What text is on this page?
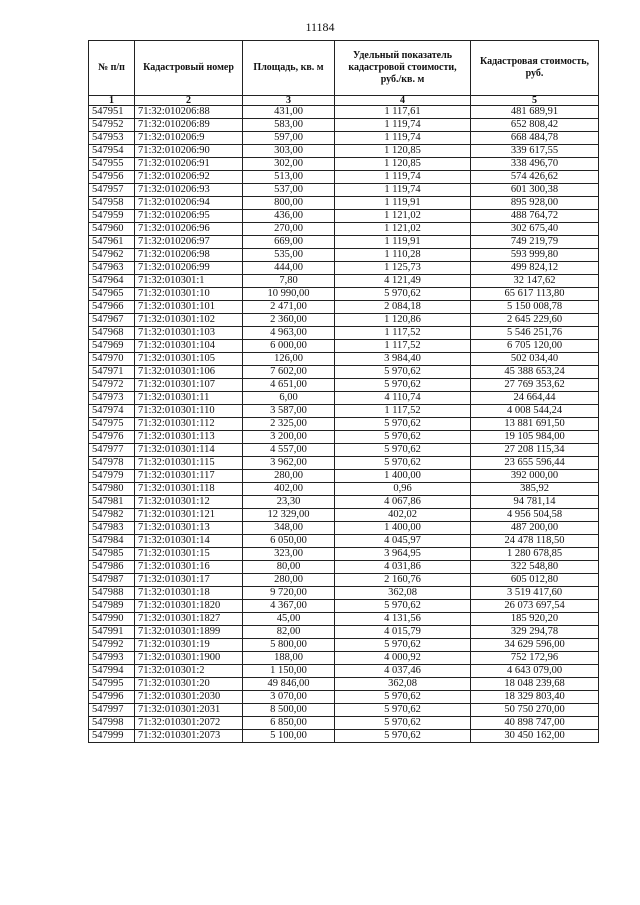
11184
№ п/п	Кадастровый номер	Площадь, кв. м	Удельный показатель кадастровой стоимости, руб./кв. м	Кадастровая стоимость, руб.
1	2	3	4	5
547951	71:32:010206:88	431,00	1 117,61	481 689,91
547952	71:32:010206:89	583,00	1 119,74	652 808,42
547953	71:32:010206:9	597,00	1 119,74	668 484,78
547954	71:32:010206:90	303,00	1 120,85	339 617,55
547955	71:32:010206:91	302,00	1 120,85	338 496,70
547956	71:32:010206:92	513,00	1 119,74	574 426,62
547957	71:32:010206:93	537,00	1 119,74	601 300,38
547958	71:32:010206:94	800,00	1 119,91	895 928,00
547959	71:32:010206:95	436,00	1 121,02	488 764,72
547960	71:32:010206:96	270,00	1 121,02	302 675,40
547961	71:32:010206:97	669,00	1 119,91	749 219,79
547962	71:32:010206:98	535,00	1 110,28	593 999,80
547963	71:32:010206:99	444,00	1 125,73	499 824,12
547964	71:32:010301:1	7,80	4 121,49	32 147,62
547965	71:32:010301:10	10 990,00	5 970,62	65 617 113,80
547966	71:32:010301:101	2 471,00	2 084,18	5 150 008,78
547967	71:32:010301:102	2 360,00	1 120,86	2 645 229,60
547968	71:32:010301:103	4 963,00	1 117,52	5 546 251,76
547969	71:32:010301:104	6 000,00	1 117,52	6 705 120,00
547970	71:32:010301:105	126,00	3 984,40	502 034,40
547971	71:32:010301:106	7 602,00	5 970,62	45 388 653,24
547972	71:32:010301:107	4 651,00	5 970,62	27 769 353,62
547973	71:32:010301:11	6,00	4 110,74	24 664,44
547974	71:32:010301:110	3 587,00	1 117,52	4 008 544,24
547975	71:32:010301:112	2 325,00	5 970,62	13 881 691,50
547976	71:32:010301:113	3 200,00	5 970,62	19 105 984,00
547977	71:32:010301:114	4 557,00	5 970,62	27 208 115,34
547978	71:32:010301:115	3 962,00	5 970,62	23 655 596,44
547979	71:32:010301:117	280,00	1 400,00	392 000,00
547980	71:32:010301:118	402,00	0,96	385,92
547981	71:32:010301:12	23,30	4 067,86	94 781,14
547982	71:32:010301:121	12 329,00	402,02	4 956 504,58
547983	71:32:010301:13	348,00	1 400,00	487 200,00
547984	71:32:010301:14	6 050,00	4 045,97	24 478 118,50
547985	71:32:010301:15	323,00	3 964,95	1 280 678,85
547986	71:32:010301:16	80,00	4 031,86	322 548,80
547987	71:32:010301:17	280,00	2 160,76	605 012,80
547988	71:32:010301:18	9 720,00	362,08	3 519 417,60
547989	71:32:010301:1820	4 367,00	5 970,62	26 073 697,54
547990	71:32:010301:1827	45,00	4 131,56	185 920,20
547991	71:32:010301:1899	82,00	4 015,79	329 294,78
547992	71:32:010301:19	5 800,00	5 970,62	34 629 596,00
547993	71:32:010301:1900	188,00	4 000,92	752 172,96
547994	71:32:010301:2	1 150,00	4 037,46	4 643 079,00
547995	71:32:010301:20	49 846,00	362,08	18 048 239,68
547996	71:32:010301:2030	3 070,00	5 970,62	18 329 803,40
547997	71:32:010301:2031	8 500,00	5 970,62	50 750 270,00
547998	71:32:010301:2072	6 850,00	5 970,62	40 898 747,00
547999	71:32:010301:2073	5 100,00	5 970,62	30 450 162,00
